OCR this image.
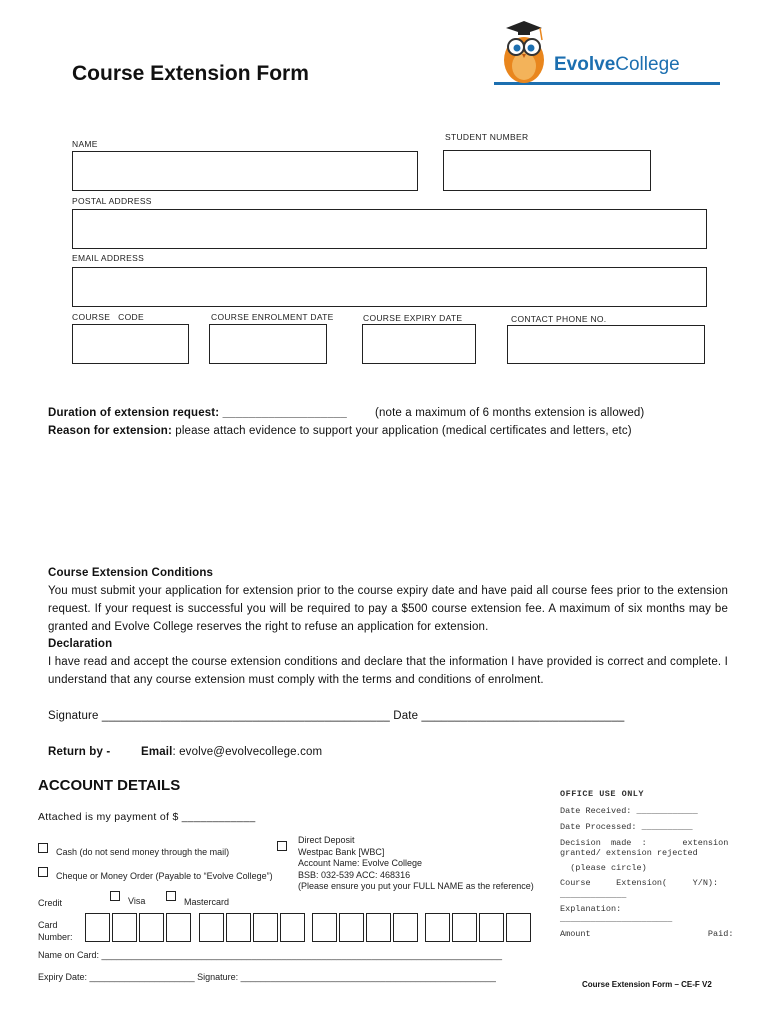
Course Extension Form	EvolveCollege
NAME
STUDENT NUMBER
POSTAL ADDRESS
EMAIL ADDRESS
COURSE   CODE	COURSE ENROLMENT DATE	COURSE EXPIRY DATE	CONTACT PHONE NO.
Duration of extension request: ___________________ (note a maximum of 6 months extension is allowed)
Reason for extension: please attach evidence to support your application (medical certificates and letters, etc)
Course Extension Conditions
You must submit your application for extension prior to the course expiry date and have paid all course fees prior to the extension
request. If your request is successful you will be required to pay a $500 course extension fee. A maximum of six months may be
granted and Evolve College reserves the right to refuse an application for extension.
Declaration
I have read and accept the course extension conditions and declare that the information I have provided is correct and complete. I
understand that any course extension must comply with the terms and conditions of enrolment.
Signature ____________________________________________ Date _______________________________
Return by -	Email: evolve@evolvecollege.com
ACCOUNT DETAILS
Attached is my payment of $ ____________
Cash (do not send money through the mail)
Cheque or Money Order (Payable to “Evolve College”)
Direct Deposit
Westpac Bank [WBC]
Account Name: Evolve College
BSB: 032-539 ACC: 468316
(Please ensure you put your FULL NAME as the reference)
Credit	Visa	Mastercard
Card
Number:
Name on Card: ________________________________________________________________________________
Expiry Date: _____________________ Signature: ___________________________________________________
OFFICE USE ONLY
Date Received: ____________
Date Processed: __________
Decision  made  :       extension
granted/ extension rejected
(please circle)
Course     Extension(     Y/N):
_____________
Explanation:
______________________
Amount                       Paid:
Course Extension Form – CE-F V2
